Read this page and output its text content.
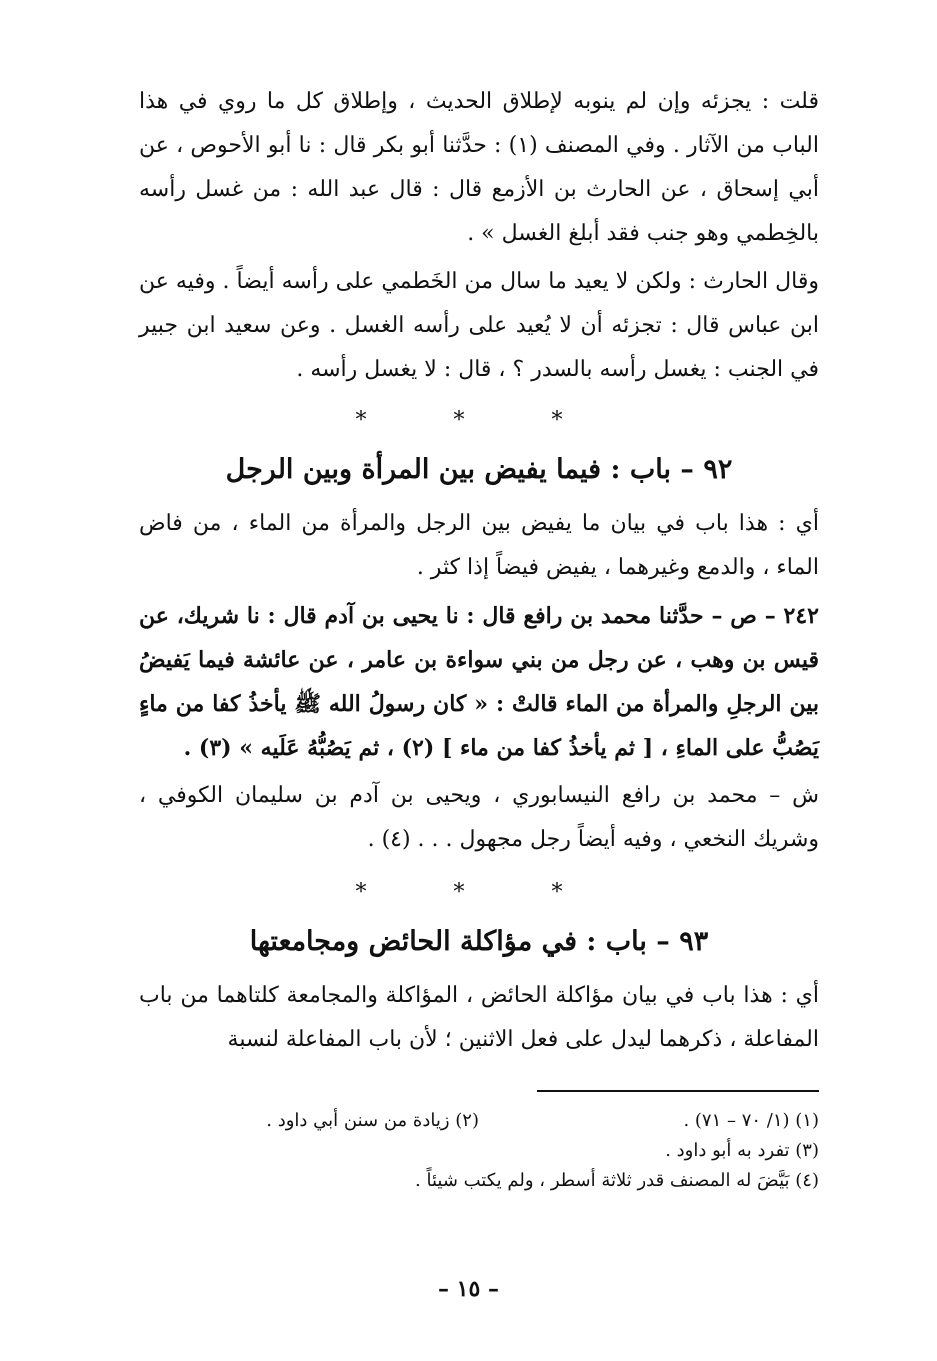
قلت : يجزئه وإن لم ينوبه لإطلاق الحديث ، وإطلاق كل ما روي في هذا الباب من الآثار . وفي المصنف (١) : حدَّثنا أبو بكر قال : نا أبو الأحوص ، عن أبي إسحاق ، عن الحارث بن الأزمع قال : قال عبد الله : من غسل رأسه بالخِطمي وهو جنب فقد أبلغ الغسل » .

وقال الحارث : ولكن لا يعيد ما سال من الخَطمي على رأسه أيضاً . وفيه عن ابن عباس قال : تجزئه أن لا يُعيد على رأسه الغسل . وعن سعيد ابن جبير في الجنب : يغسل رأسه بالسدر ؟ ، قال : لا يغسل رأسه .

* * *

٩٢ – باب : فيما يفيض بين المرأة وبين الرجل

أي : هذا باب في بيان ما يفيض بين الرجل والمرأة من الماء ، من فاض الماء ، والدمع وغيرهما ، يفيض فيضاً إذا كثر .

٢٤٢ – ص – حدَّثنا محمد بن رافع قال : نا يحيى بن آدم قال : نا شريك، عن قيس بن وهب ، عن رجل من بني سواءة بن عامر ، عن عائشة فيما يَفيضُ بين الرجلِ والمرأة من الماء قالتْ : « كان رسولُ الله ﷺ يأخذُ كفا من ماءٍ يَصُبُّ على الماءِ ، [ ثم يأخذُ كفا من ماء ] (٢) ، ثم يَصُبُّهُ عَلَيه » (٣) .

ش – محمد بن رافع النيسابوري ، ويحيى بن آدم بن سليمان الكوفي ، وشريك النخعي ، وفيه أيضاً رجل مجهول . . . (٤) .

* * *

٩٣ – باب : في مؤاكلة الحائض ومجامعتها

أي : هذا باب في بيان مؤاكلة الحائض ، المؤاكلة والمجامعة كلتاهما من باب المفاعلة ، ذكرهما ليدل على فعل الاثنين ؛ لأن باب المفاعلة لنسبة

(١) (١/ ٧٠ – ٧١) .

(٢) زيادة من سنن أبي داود .

(٣) تفرد به أبو داود .

(٤) بَيَّضَ له المصنف قدر ثلاثة أسطر ، ولم يكتب شيئاً .

– ١٥ –
